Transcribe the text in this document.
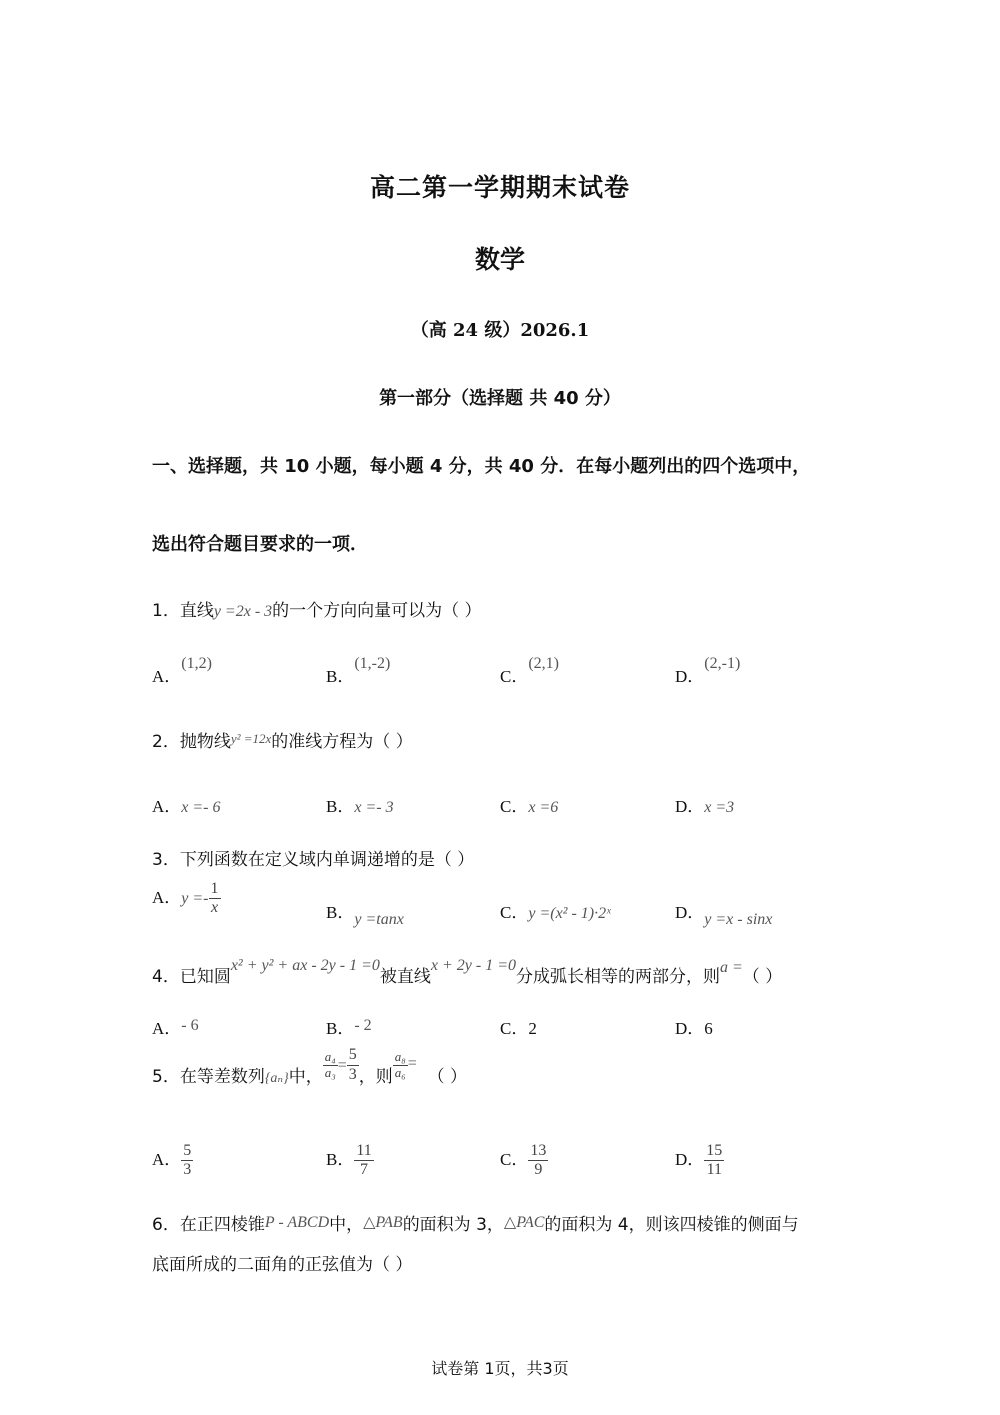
高二第一学期期末试卷
数学
（高 24 级）2026.1
第一部分（选择题 共 40 分）
一、选择题，共 10 小题，每小题 4 分，共 40 分．在每小题列出的四个选项中，
选出符合题目要求的一项．
1．直线y =2x - 3的一个方向向量可以为（ ）
A．(1,2)
B．(1,-2)
C．(2,1)
D．(2,-1)
2．抛物线$^{y^2 =12x}$的准线方程为（ ）
A．x =- 6	B．x =- 3	C．x =6	D．x =3
3．下列函数在定义域内单调递增的是（ ）
A．$y =- \frac{1}{x}$	B．y =tanx	C．y =(x² - 1)·2ˣ	D．y =x - sinx
4．已知圆x² + y² + ax - 2y - 1 =0被直线x + 2y - 1 =0分成弧长相等的两部分，则a =（ ）
A．- 6	B．- 2	C．2	D．6
5．在等差数列{aₙ}中， $\frac{\text{a₄}}{\text{a₃}} = \frac{5}{3}$ ，则 $\frac{\text{a₈}}{\text{a₆}}$ =  （ ）
A． $\frac{5}{3}$	B． $\frac{11}{7}$	C． $\frac{13}{9}$	D． $\frac{15}{11}$
6．在正四棱锥P - ABCD中，△PAB的面积为 3，△PAC的面积为 4，则该四棱锥的侧面与
底面所成的二面角的正弦值为（ ）
试卷第 1页，共3页
